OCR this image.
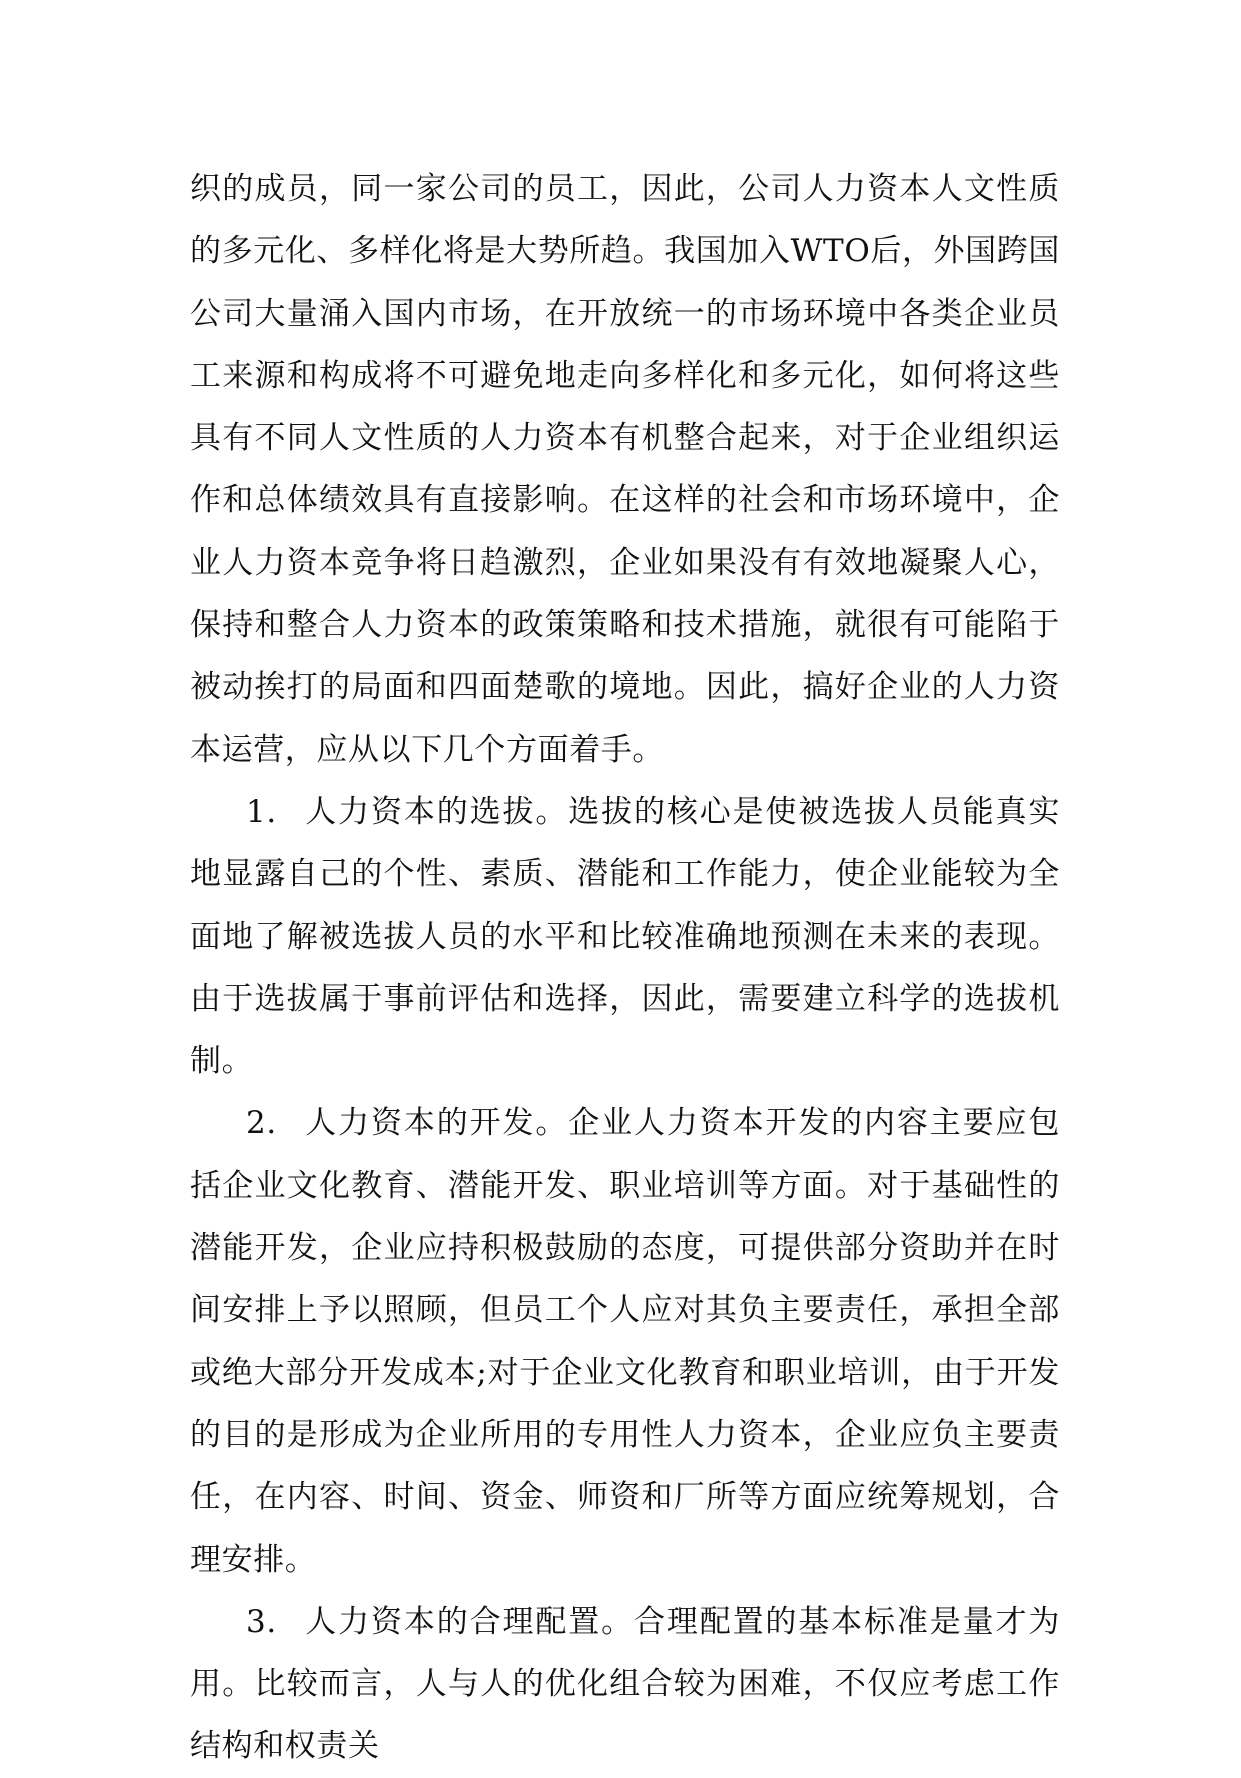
织的成员，同一家公司的员工，因此，公司人力资本人文性质的多元化、多样化将是大势所趋。我国加入WTO后，外国跨国公司大量涌入国内市场，在开放统一的市场环境中各类企业员工来源和构成将不可避免地走向多样化和多元化，如何将这些具有不同人文性质的人力资本有机整合起来，对于企业组织运作和总体绩效具有直接影响。在这样的社会和市场环境中，企业人力资本竞争将日趋激烈，企业如果没有有效地凝聚人心，保持和整合人力资本的政策策略和技术措施，就很有可能陷于被动挨打的局面和四面楚歌的境地。因此，搞好企业的人力资本运营，应从以下几个方面着手。

1. 人力资本的选拔。选拔的核心是使被选拔人员能真实地显露自己的个性、素质、潜能和工作能力，使企业能较为全面地了解被选拔人员的水平和比较准确地预测在未来的表现。由于选拔属于事前评估和选择，因此，需要建立科学的选拔机制。

2. 人力资本的开发。企业人力资本开发的内容主要应包括企业文化教育、潜能开发、职业培训等方面。对于基础性的潜能开发，企业应持积极鼓励的态度，可提供部分资助并在时间安排上予以照顾，但员工个人应对其负主要责任，承担全部或绝大部分开发成本;对于企业文化教育和职业培训，由于开发的目的是形成为企业所用的专用性人力资本，企业应负主要责任，在内容、时间、资金、师资和厂所等方面应统筹规划，合理安排。

3. 人力资本的合理配置。合理配置的基本标准是量才为用。比较而言，人与人的优化组合较为困难，不仅应考虑工作结构和权责关
